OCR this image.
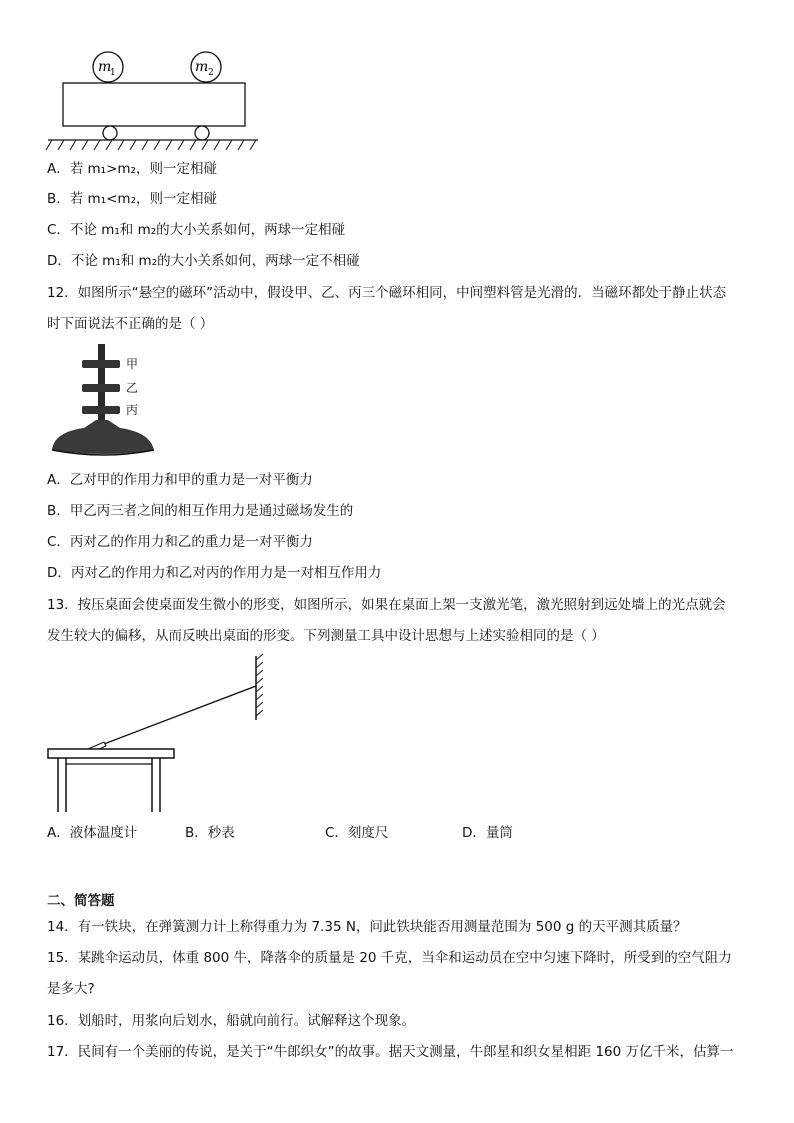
m
1	m 2
A．若 m₁>m₂，则一定相碰
B．若 m₁<m₂，则一定相碰
C．不论 m₁和 m₂的大小关系如何，两球一定相碰
D．不论 m₁和 m₂的大小关系如何，两球一定不相碰
12．如图所示“悬空的磁环”活动中，假设甲、乙、丙三个磁环相同，中间塑料管是光滑的．当磁环都处于静止状态
时下面说法不正确的是（ ）
甲
乙
丙
A．乙对甲的作用力和甲的重力是一对平衡力
B．甲乙丙三者之间的相互作用力是通过磁场发生的
C．丙对乙的作用力和乙的重力是一对平衡力
D．丙对乙的作用力和乙对丙的作用力是一对相互作用力
13．按压桌面会使桌面发生微小的形变，如图所示，如果在桌面上架一支激光笔，激光照射到远处墙上的光点就会
发生较大的偏移，从而反映出桌面的形变。下列测量工具中设计思想与上述实验相同的是（ ）
A．液体温度计	B．秒表	C．刻度尺	D．量筒
二、简答题
14．有一铁块，在弹簧测力计上称得重力为 7.35 N，问此铁块能否用测量范围为 500 g 的天平测其质量？
15．某跳伞运动员，体重 800 牛，降落伞的质量是 20 千克，当伞和运动员在空中匀速下降时，所受到的空气阻力
是多大?
16．划船时，用浆向后划水，船就向前行。试解释这个现象。
17．民间有一个美丽的传说，是关于“牛郎织女”的故事。据天文测量，牛郎星和织女星相距 160 万亿千米，估算一
